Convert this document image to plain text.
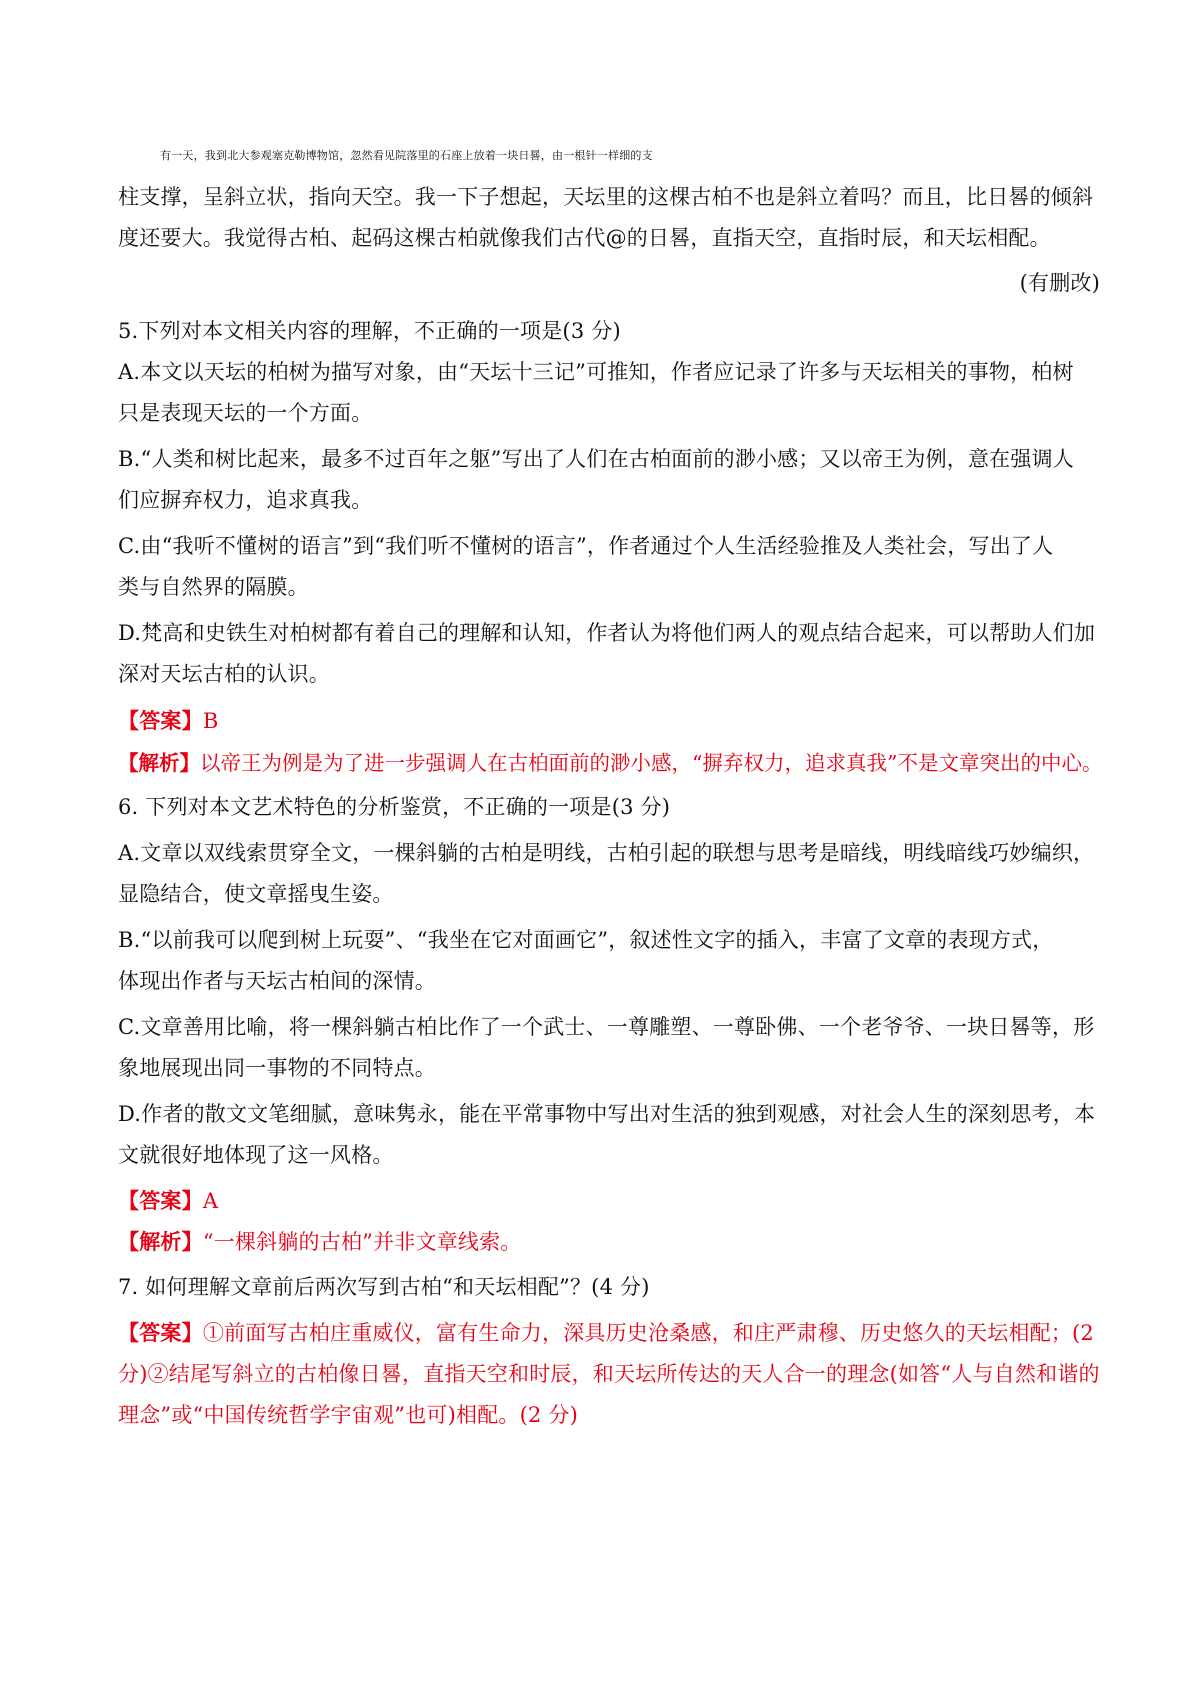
有一天，我到北大参观塞克勒博物馆，忽然看见院落里的石座上放着一块日晷，由一根针一样细的支
柱支撑，呈斜立状，指向天空。我一下子想起，天坛里的这棵古柏不也是斜立着吗？而且，比日晷的倾斜
度还要大。我觉得古柏、起码这棵古柏就像我们古代@的日晷，直指天空，直指时辰，和天坛相配。
(有删改)
5.下列对本文相关内容的理解，不正确的一项是(3 分)
A.本文以天坛的柏树为描写对象，由“天坛十三记”可推知，作者应记录了许多与天坛相关的事物，柏树
只是表现天坛的一个方面。
B.“人类和树比起来，最多不过百年之躯”写出了人们在古柏面前的渺小感；又以帝王为例，意在强调人
们应摒弃权力，追求真我。
C.由“我听不懂树的语言”到“我们听不懂树的语言”，作者通过个人生活经验推及人类社会，写出了人
类与自然界的隔膜。
D.梵高和史铁生对柏树都有着自己的理解和认知，作者认为将他们两人的观点结合起来，可以帮助人们加
深对天坛古柏的认识。
【答案】B
【解析】以帝王为例是为了进一步强调人在古柏面前的渺小感，“摒弃权力，追求真我”不是文章突出的中心。
6. 下列对本文艺术特色的分析鉴赏，不正确的一项是(3 分)
A.文章以双线索贯穿全文，一棵斜躺的古柏是明线，古柏引起的联想与思考是暗线，明线暗线巧妙编织，
显隐结合，使文章摇曳生姿。
B.“以前我可以爬到树上玩耍”、“我坐在它对面画它”，叙述性文字的插入，丰富了文章的表现方式，
体现出作者与天坛古柏间的深情。
C.文章善用比喻，将一棵斜躺古柏比作了一个武士、一尊雕塑、一尊卧佛、一个老爷爷、一块日晷等，形
象地展现出同一事物的不同特点。
D.作者的散文文笔细腻，意味隽永，能在平常事物中写出对生活的独到观感，对社会人生的深刻思考，本
文就很好地体现了这一风格。
【答案】A
【解析】“一棵斜躺的古柏”并非文章线索。
7. 如何理解文章前后两次写到古柏“和天坛相配”？(4 分)
【答案】①前面写古柏庄重威仪，富有生命力，深具历史沧桑感，和庄严肃穆、历史悠久的天坛相配；(2
分)②结尾写斜立的古柏像日晷，直指天空和时辰，和天坛所传达的天人合一的理念(如答“人与自然和谐的
理念”或“中国传统哲学宇宙观”也可)相配。(2 分)
